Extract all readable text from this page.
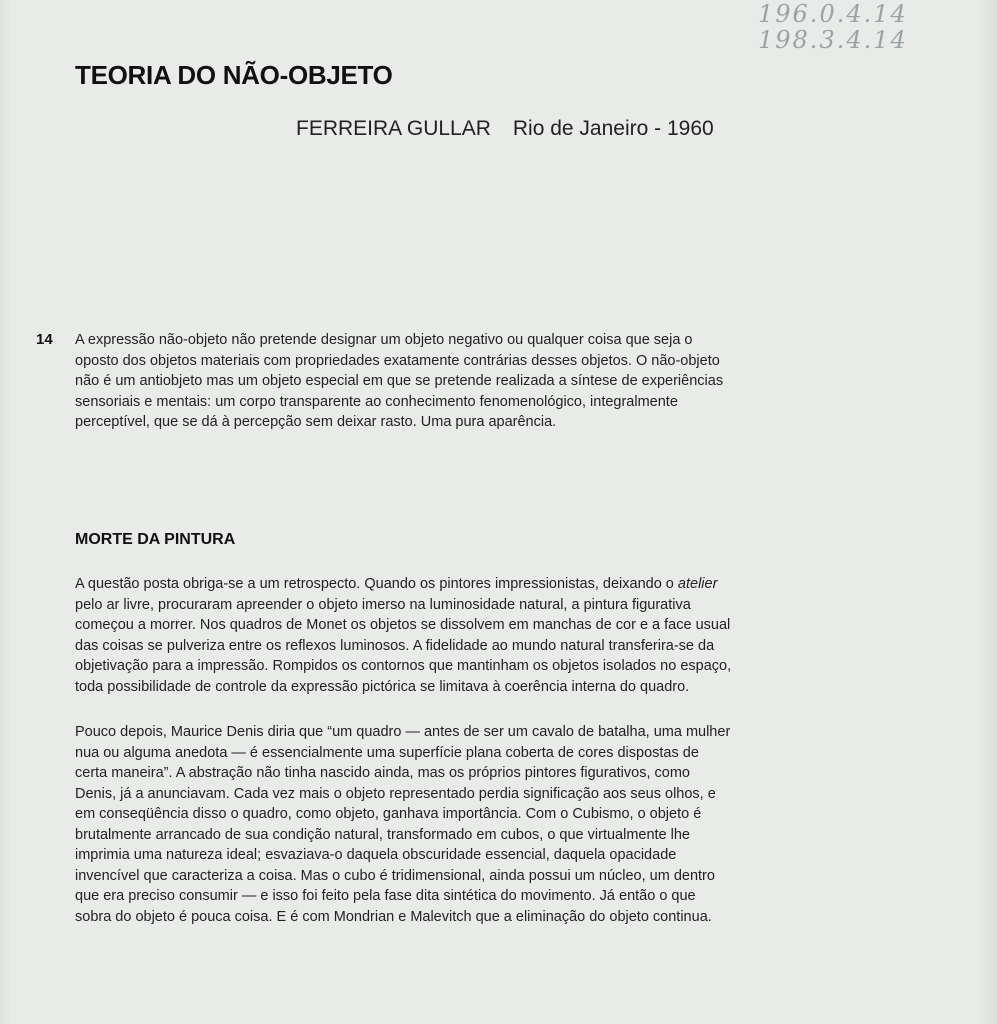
196.0.4.14
198.3.4.14
TEORIA DO NÃO-OBJETO
FERREIRA GULLAR Rio de Janeiro - 1960
14 A expressão não-objeto não pretende designar um objeto negativo ou qualquer coisa que seja o oposto dos objetos materiais com propriedades exatamente contrárias desses objetos. O não-objeto não é um antiobjeto mas um objeto especial em que se pretende realizada a síntese de experiências sensoriais e mentais: um corpo transparente ao conhecimento fenomenológico, integralmente perceptível, que se dá à percepção sem deixar rasto. Uma pura aparência.

MORTE DA PINTURA

A questão posta obriga-se a um retrospecto. Quando os pintores impressionistas, deixando o atelier pelo ar livre, procuraram apreender o objeto imerso na luminosidade natural, a pintura figurativa começou a morrer. Nos quadros de Monet os objetos se dissolvem em manchas de cor e a face usual das coisas se pulveriza entre os reflexos luminosos. A fidelidade ao mundo natural transferira-se da objetivação para a impressão. Rompidos os contornos que mantinham os objetos isolados no espaço, toda possibilidade de controle da expressão pictórica se limitava à coerência interna do quadro.

Pouco depois, Maurice Denis diria que “um quadro — antes de ser um cavalo de batalha, uma mulher nua ou alguma anedota — é essencialmente uma superfície plana coberta de cores dispostas de certa maneira”. A abstração não tinha nascido ainda, mas os próprios pintores figurativos, como Denis, já a anunciavam. Cada vez mais o objeto representado perdia significação aos seus olhos, e em conseqüência disso o quadro, como objeto, ganhava importância. Com o Cubismo, o objeto é brutalmente arrancado de sua condição natural, transformado em cubos, o que virtualmente lhe imprimia uma natureza ideal; esvaziava-o daquela obscuridade essencial, daquela opacidade invencível que caracteriza a coisa. Mas o cubo é tridimensional, ainda possui um núcleo, um dentro que era preciso consumir — e isso foi feito pela fase dita sintética do movimento. Já então o que sobra do objeto é pouca coisa. E é com Mondrian e Malevitch que a eliminação do objeto continua.
